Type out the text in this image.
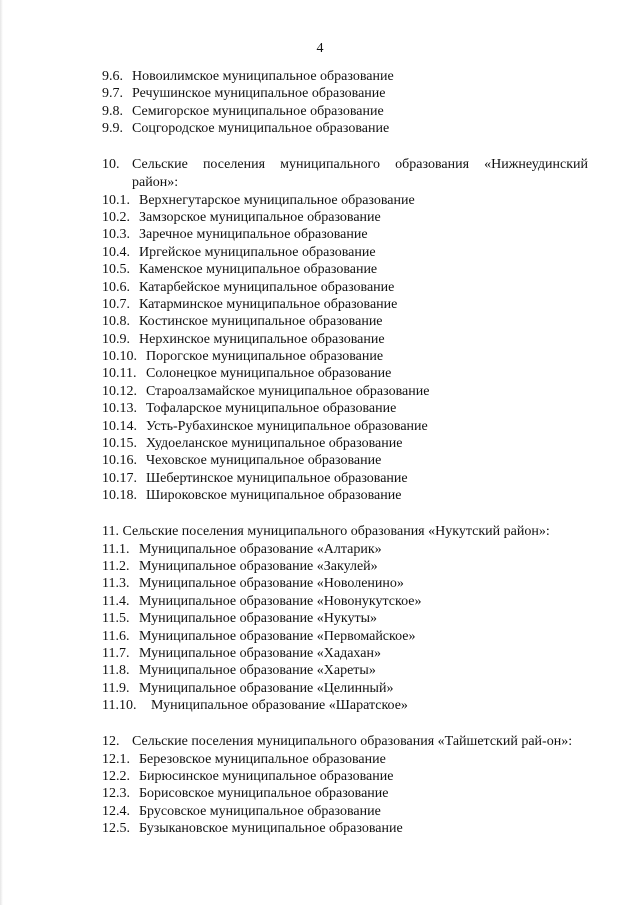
4
9.6. Новоилимское муниципальное образование
9.7. Речушинское муниципальное образование
9.8. Семигорское муниципальное образование
9.9. Соцгородское муниципальное образование
10. Сельские поселения муниципального образования «Нижнеудинский район»:
10.1. Верхнегутарское муниципальное образование
10.2. Замзорское муниципальное образование
10.3. Заречное муниципальное образование
10.4. Иргейское муниципальное образование
10.5. Каменское муниципальное образование
10.6. Катарбейское муниципальное образование
10.7. Катарминское муниципальное образование
10.8. Костинское муниципальное образование
10.9. Нерхинское муниципальное образование
10.10. Порогское муниципальное образование
10.11. Солонецкое муниципальное образование
10.12. Староалзамайское муниципальное образование
10.13. Тофаларское муниципальное образование
10.14. Усть-Рубахинское муниципальное образование
10.15. Худоеланское муниципальное образование
10.16. Чеховское муниципальное образование
10.17. Шебертинское муниципальное образование
10.18. Широковское муниципальное образование
11. Сельские поселения муниципального образования «Нукутский район»:
11.1. Муниципальное образование «Алтарик»
11.2. Муниципальное образование «Закулей»
11.3. Муниципальное образование «Новоленино»
11.4. Муниципальное образование «Новонукутское»
11.5. Муниципальное образование «Нукуты»
11.6. Муниципальное образование «Первомайское»
11.7. Муниципальное образование «Хадахан»
11.8. Муниципальное образование «Хареты»
11.9. Муниципальное образование «Целинный»
11.10. Муниципальное образование «Шаратское»
12. Сельские поселения муниципального образования «Тайшетский рай-он»:
12.1. Березовское муниципальное образование
12.2. Бирюсинское муниципальное образование
12.3. Борисовское муниципальное образование
12.4. Брусовское муниципальное образование
12.5. Бузыкановское муниципальное образование
